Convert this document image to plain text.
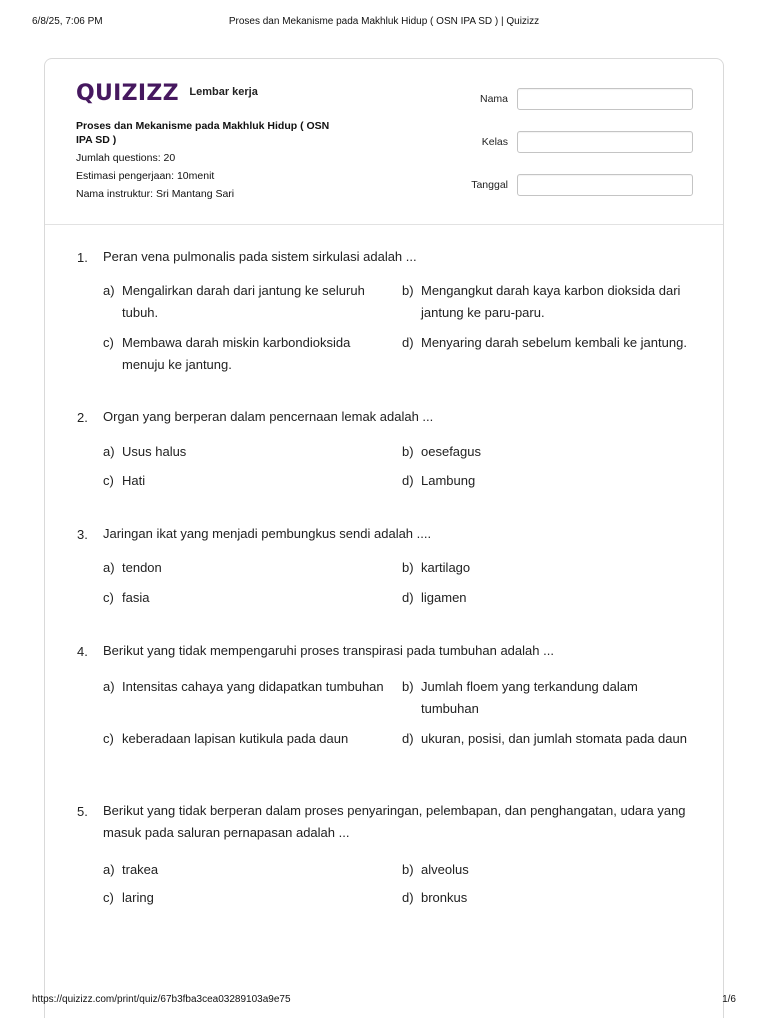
Proses dan Mekanisme pada Makhluk Hidup ( OSN IPA SD ) | Quizizz
6/8/25, 7:06 PM
QUIZIZZ Lembar kerja
Proses dan Mekanisme pada Makhluk Hidup ( OSN IPA SD )
Jumlah questions: 20
Estimasi pengerjaan: 10menit
Nama instruktur: Sri Mantang Sari
Nama
Kelas
Tanggal
1. Peran vena pulmonalis pada sistem sirkulasi adalah ...
a) Mengalirkan darah dari jantung ke seluruh tubuh.
b) Mengangkut darah kaya karbon dioksida dari jantung ke paru-paru.
c) Membawa darah miskin karbondioksida menuju ke jantung.
d) Menyaring darah sebelum kembali ke jantung.
2. Organ yang berperan dalam pencernaan lemak adalah ...
a) Usus halus	b) oesefagus
c) Hati	d) Lambung
3. Jaringan ikat yang menjadi pembungkus sendi adalah ....
a) tendon	b) kartilago
c) fasia	d) ligamen
4. Berikut yang tidak mempengaruhi proses transpirasi pada tumbuhan adalah ...
a) Intensitas cahaya yang didapatkan tumbuhan	b) Jumlah floem yang terkandung dalam tumbuhan
c) keberadaan lapisan kutikula pada daun	d) ukuran, posisi, dan jumlah stomata pada daun
5. Berikut yang tidak berperan dalam proses penyaringan, pelembapan, dan penghangatan, udara yang masuk pada saluran pernapasan adalah ...
a) trakea	b) alveolus
c) laring	d) bronkus
https://quizizz.com/print/quiz/67b3fba3cea03289103a9e75	1/6
